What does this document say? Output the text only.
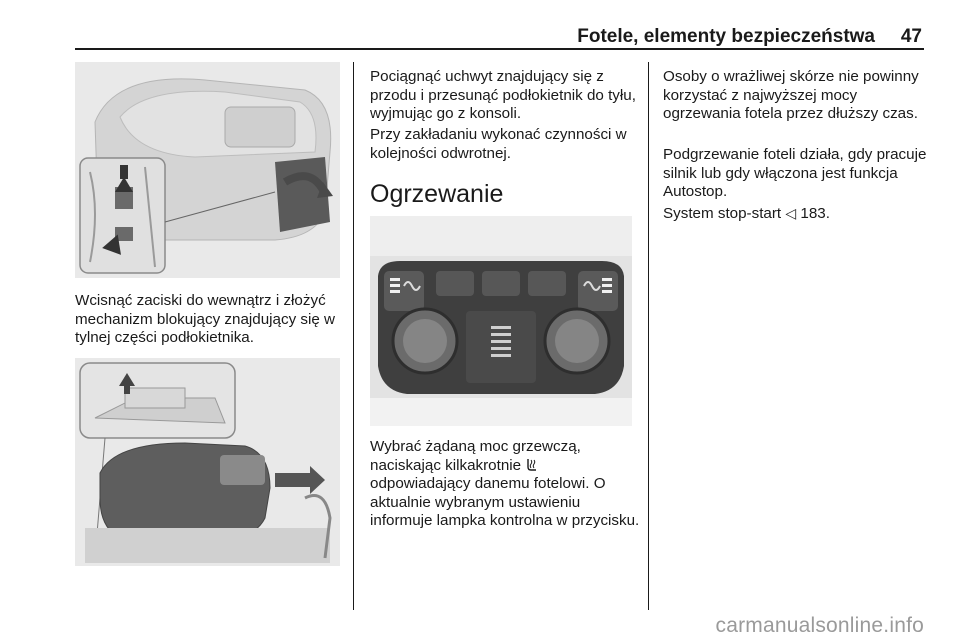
Fotele, elementy bezpieczeństwa 47

Wcisnąć zaciski do wewnątrz i złożyć mechanizm blokujący znajdujący się w tylnej części podłokietnika.

Pociągnąć uchwyt znajdujący się z przodu i przesunąć podłokietnik do tyłu, wyjmując go z konsoli.

Przy zakładaniu wykonać czynności w kolejności odwrotnej.

Ogrzewanie

Wybrać żądaną moc grzewczą, naciskając kilkakrotnie  odpowiadający danemu fotelowi. O aktualnie wybranym ustawieniu informuje lampka kontrolna w przycisku.

Osoby o wrażliwej skórze nie powinny korzystać z najwyższej mocy ogrzewania fotela przez dłuższy czas.

Podgrzewanie foteli działa, gdy pracuje silnik lub gdy włączona jest funkcja Autostop.

System stop-start ◁ 183.

carmanualsonline.info
